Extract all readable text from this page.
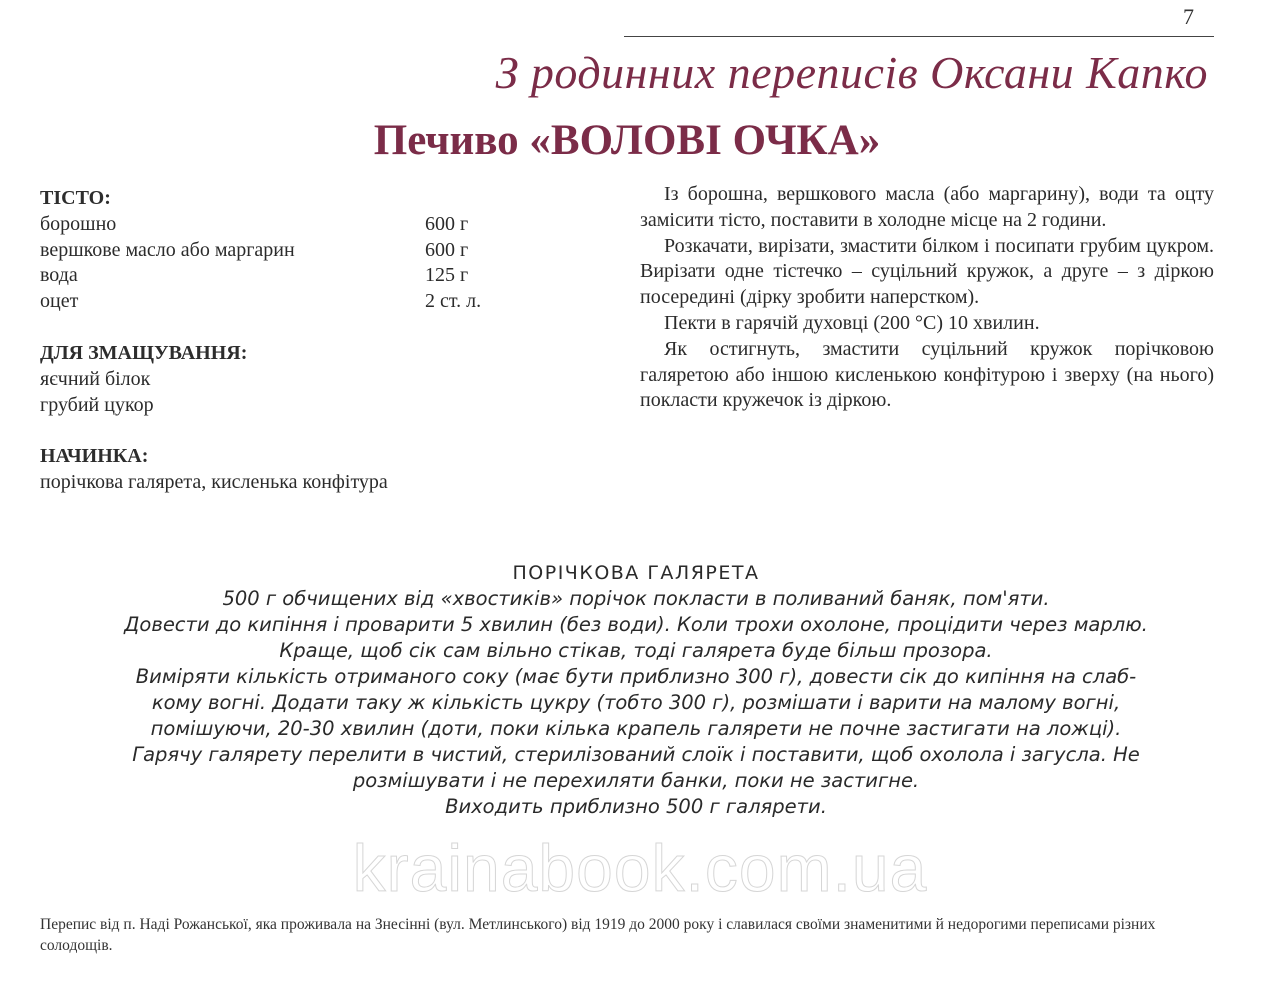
7
З родинних переписів Оксани Капко
Печиво «ВОЛОВІ ОЧКА»
ТІСТО:
борошно	600 г
вершкове масло або маргарин	600 г
вода	125 г
оцет	2 ст. л.
ДЛЯ ЗМАЩУВАННЯ:
яєчний білок
грубий цукор
НАЧИНКА:
порічкова галярета, кисленька конфітура

Із борошна, вершкового масла (або маргарину), води та оцту замісити тісто, поставити в холодне місце на 2 години.

Розкачати, вирізати, змастити білком і посипати грубим цукром. Вирізати одне тістечко – суцільний кружок, а друге – з діркою посередині (дірку зробити наперстком).

Пекти в гарячій духовці (200 °С) 10 хвилин.

Як остигнуть, змастити суцільний кружок порічковою галяретою або іншою кисленькою конфітурою і зверху (на нього) покласти кружечок із діркою.

ПОРІЧКОВА ГАЛЯРЕТА
500 г обчищених від «хвостиків» порічок покласти в поливаний баняк, пом'яти.
Довести до кипіння і проварити 5 хвилин (без води). Коли трохи охолоне, процідити через марлю.
Краще, щоб сік сам вільно стікав, тоді галярета буде більш прозора.
Виміряти кількість отриманого соку (має бути приблизно 300 г), довести сік до кипіння на слаб-
кому вогні. Додати таку ж кількість цукру (тобто 300 г), розмішати і варити на малому вогні,
помішуючи, 20-30 хвилин (доти, поки кілька крапель галярети не почне застигати на ложці).
Гарячу галярету перелити в чистий, стерилізований слоїк і поставити, щоб охолола і загусла. Не
розмішувати і не перехиляти банки, поки не застигне.
Виходить приблизно 500 г галярети.
krainabook.com.ua
Перепис від п. Наді Рожанської, яка проживала на Знесінні (вул. Метлинського) від 1919 до 2000 року і славилася своїми знаменитими й недорогими переписами різних солодощів.
